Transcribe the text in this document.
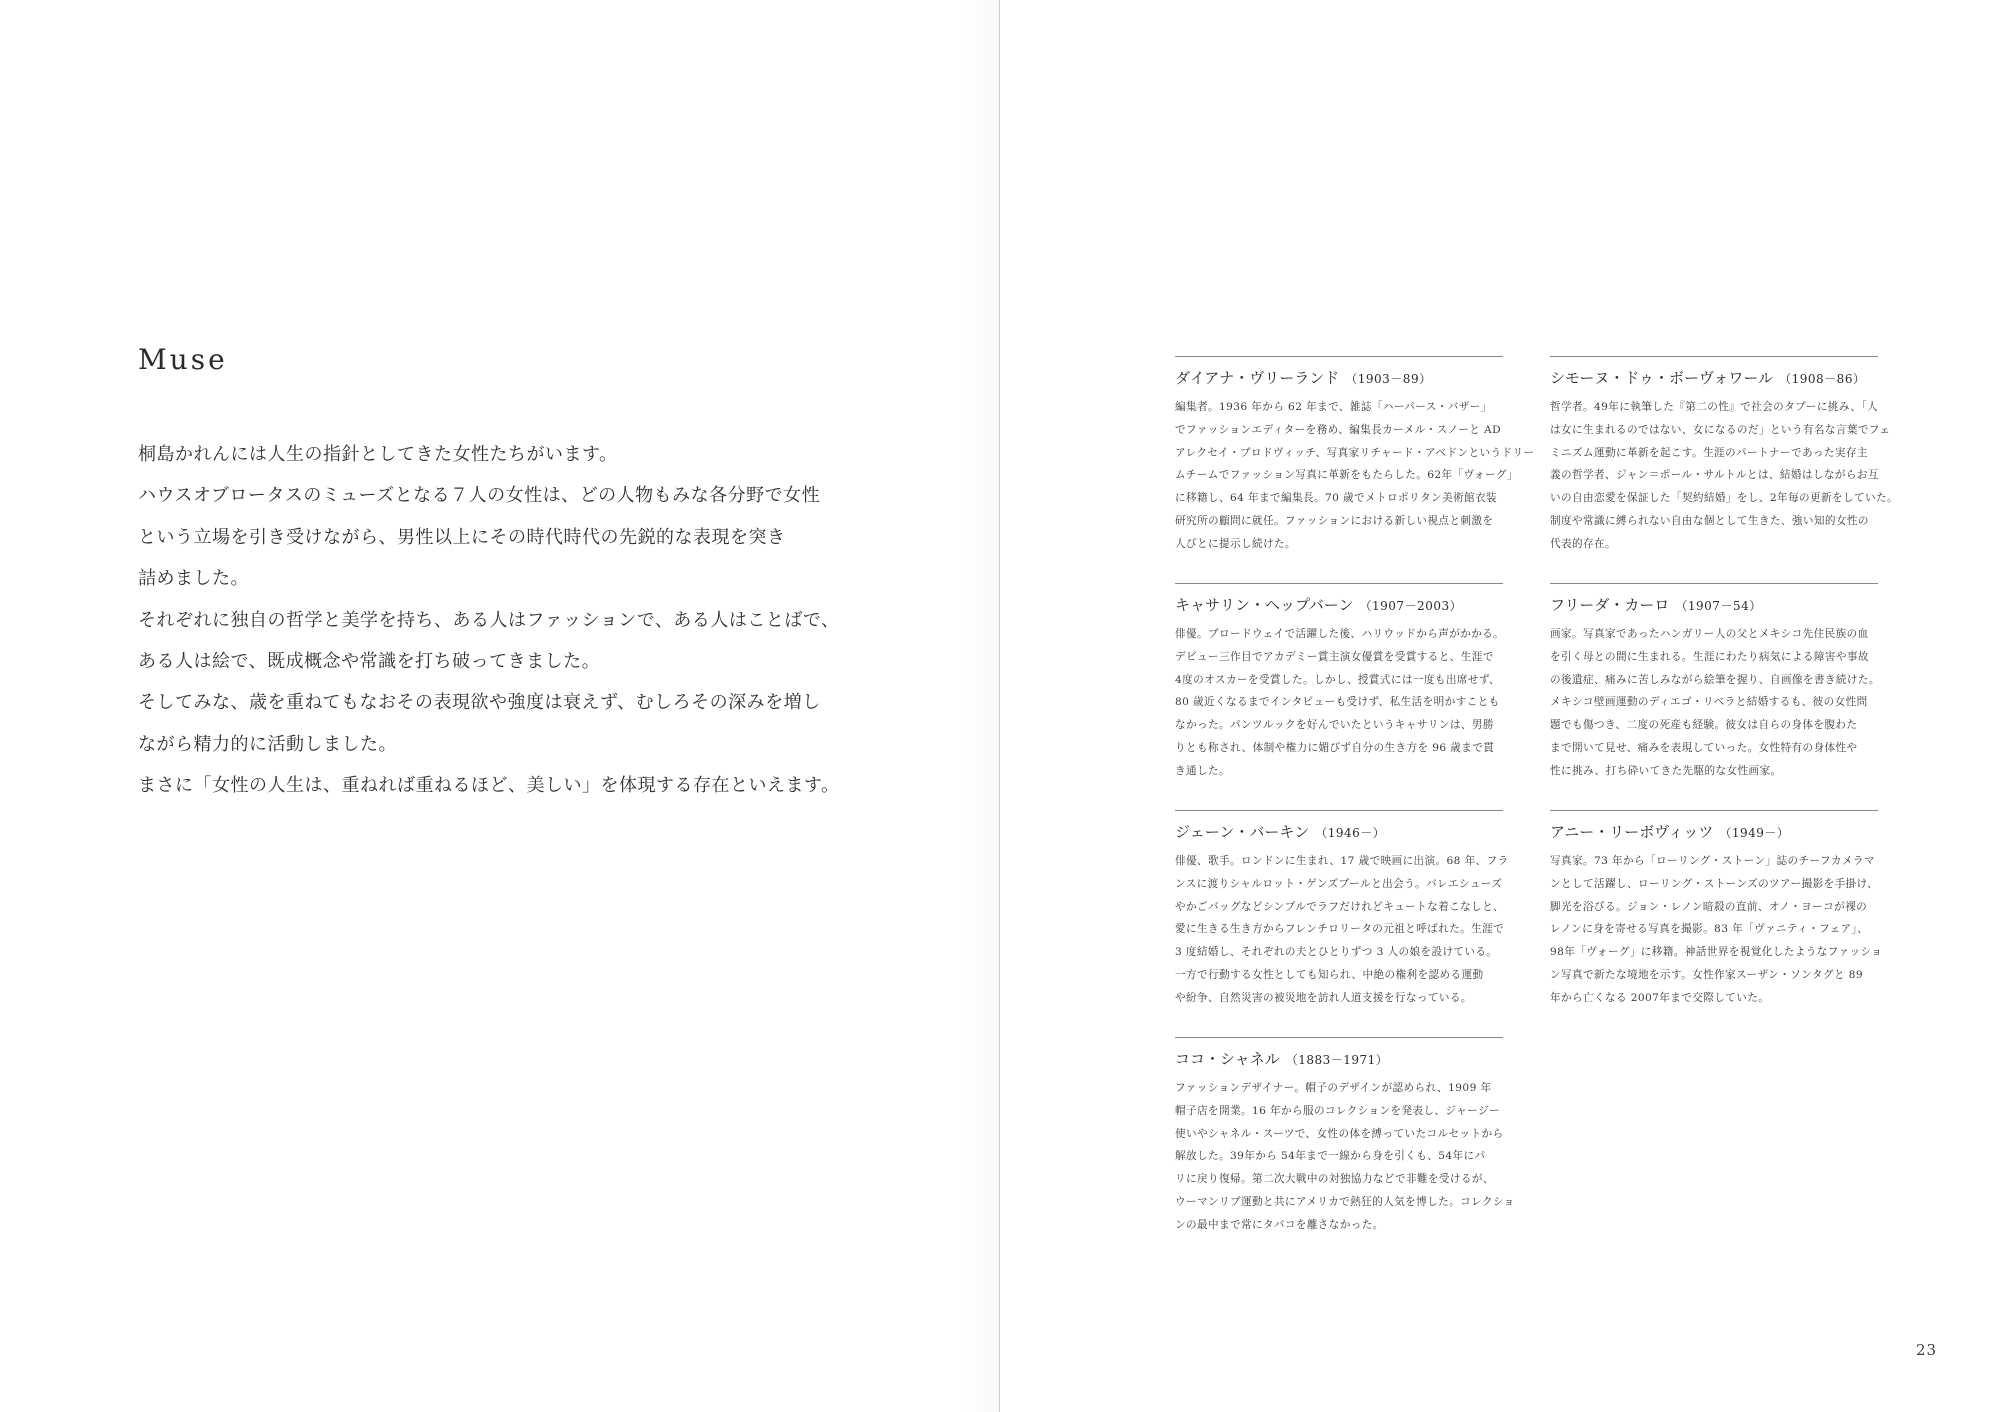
Muse

桐島かれんには人生の指針としてきた女性たちがいます。

ハウスオブロータスのミューズとなる７人の女性は、どの人物もみな各分野で女性

という立場を引き受けながら、男性以上にその時代時代の先鋭的な表現を突き

詰めました。

それぞれに独自の哲学と美学を持ち、ある人はファッションで、ある人はことばで、

ある人は絵で、既成概念や常識を打ち破ってきました。

そしてみな、歳を重ねてもなおその表現欲や強度は衰えず、むしろその深みを増し

ながら精力的に活動しました。

まさに「女性の人生は、重ねれば重ねるほど、美しい」を体現する存在といえます。

ダイアナ・ヴリーランド （1903－89）

編集者。1936 年から 62 年まで、雑誌「ハーパース・バザー」

でファッションエディターを務め、編集長カーメル・スノーと AD

アレクセイ・ブロドヴィッチ、写真家リチャード・アベドンというドリー

ムチームでファッション写真に革新をもたらした。62年「ヴォーグ」

に移籍し、64 年まで編集長。70 歳でメトロポリタン美術館衣装

研究所の顧問に就任。ファッションにおける新しい視点と刺激を

人びとに提示し続けた。

キャサリン・ヘップバーン （1907－2003）

俳優。ブロードウェイで活躍した後、ハリウッドから声がかかる。

デビュー三作目でアカデミー賞主演女優賞を受賞すると、生涯で

4度のオスカーを受賞した。しかし、授賞式には一度も出席せず、

80 歳近くなるまでインタビューも受けず、私生活を明かすことも

なかった。パンツルックを好んでいたというキャサリンは、男勝

りとも称され、体制や権力に媚びず自分の生き方を 96 歳まで貫

き通した。

ジェーン・バーキン （1946－）

俳優、歌手。ロンドンに生まれ、17 歳で映画に出演。68 年、フラ

ンスに渡りシャルロット・ゲンズブールと出会う。バレエシューズ

やかごバッグなどシンプルでラフだけれどキュートな着こなしと、

愛に生きる生き方からフレンチロリータの元祖と呼ばれた。生涯で

3 度結婚し、それぞれの夫とひとりずつ 3 人の娘を設けている。

一方で行動する女性としても知られ、中絶の権利を認める運動

や紛争、自然災害の被災地を訪れ人道支援を行なっている。

ココ・シャネル （1883－1971）

ファッションデザイナー。帽子のデザインが認められ、1909 年

帽子店を開業。16 年から服のコレクションを発表し、ジャージー

使いやシャネル・スーツで、女性の体を縛っていたコルセットから

解放した。39年から 54年まで一線から身を引くも、54年にパ

リに戻り復帰。第二次大戦中の対独協力などで非難を受けるが、

ウーマンリブ運動と共にアメリカで熱狂的人気を博した。コレクショ

ンの最中まで常にタバコを離さなかった。

シモーヌ・ドゥ・ボーヴォワール （1908－86）

哲学者。49年に執筆した『第二の性』で社会のタブーに挑み、「人

は女に生まれるのではない、女になるのだ」という有名な言葉でフェ

ミニズム運動に革新を起こす。生涯のパートナーであった実存主

義の哲学者、ジャン＝ポール・サルトルとは、結婚はしながらお互

いの自由恋愛を保証した「契約結婚」をし、2年毎の更新をしていた。

制度や常識に縛られない自由な個として生きた、強い知的女性の

代表的存在。

フリーダ・カーロ （1907－54）

画家。写真家であったハンガリー人の父とメキシコ先住民族の血

を引く母との間に生まれる。生涯にわたり病気による障害や事故

の後遺症、痛みに苦しみながら絵筆を握り、自画像を書き続けた。

メキシコ壁画運動のディエゴ・リベラと結婚するも、彼の女性問

題でも傷つき、二度の死産も経験。彼女は自らの身体を腹わた

まで開いて見せ、痛みを表現していった。女性特有の身体性や

性に挑み、打ち砕いてきた先駆的な女性画家。

アニー・リーボヴィッツ （1949－）

写真家。73 年から「ローリング・ストーン」誌のチーフカメラマ

ンとして活躍し、ローリング・ストーンズのツアー撮影を手掛け、

脚光を浴びる。ジョン・レノン暗殺の直前、オノ・ヨーコが裸の

レノンに身を寄せる写真を撮影。83 年「ヴァニティ・フェア」、

98年「ヴォーグ」に移籍。神話世界を視覚化したようなファッショ

ン写真で新たな境地を示す。女性作家スーザン・ソンタグと 89

年から亡くなる 2007年まで交際していた。

23
